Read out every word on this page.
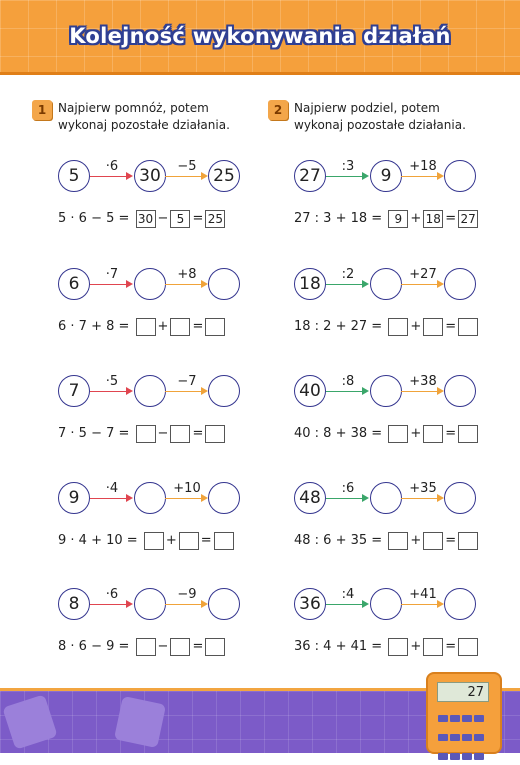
Kolejność wykonywania działań
1 Najpierw pomnóż, potem
wykonaj pozostałe działania.
5	·6	30	−5 25
5 · 6 − 5 = 30 − 5 = 25
6	·7	+8
6 · 7 + 8 = + =
7	·5	−7
7 · 5 − 7 = − =
9	·4	+10
9 · 4 + 10 = + =
8	·6	−9
8 · 6 − 9 = − =
2 Najpierw podziel, potem
wykonaj pozostałe działania.
27	:3	9	+18
27 : 3 + 18 = 9 + 18 = 27
18	:2	+27
18 : 2 + 27 = + =
40	:8	+38
40 : 8 + 38 = + =
48	:6	+35
48 : 6 + 35 = + =
36	:4	+41
36 : 4 + 41 = + =
27
